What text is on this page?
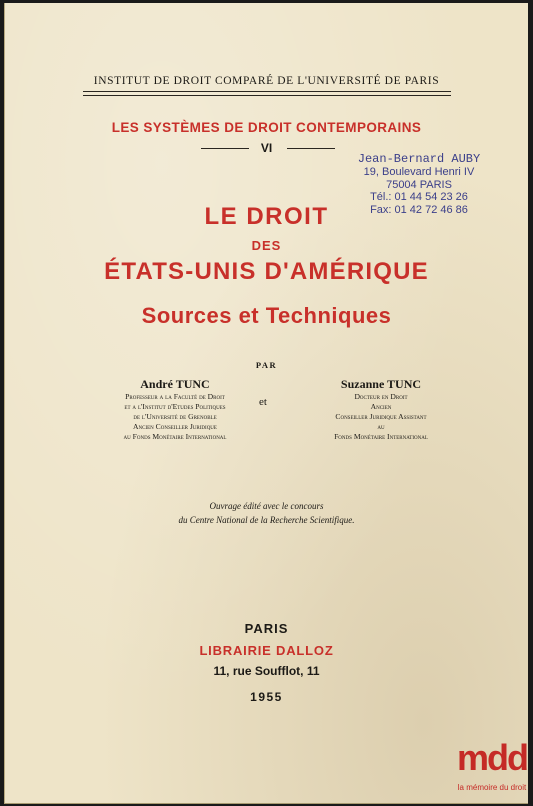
INSTITUT DE DROIT COMPARÉ DE L'UNIVERSITÉ DE PARIS
LES SYSTÈMES DE DROIT CONTEMPORAINS
VI
Jean-Bernard AUBY
19, Boulevard Henri IV
75004 PARIS
Tél.: 01 44 54 23 26
Fax: 01 42 72 46 86
LE DROIT
DES
ÉTATS-UNIS D'AMÉRIQUE
Sources et Techniques
PAR
André TUNC
Professeur a la Faculté de Droit
et a l'Institut d'Etudes Politiques
de l'Université de Grenoble
Ancien Conseiller Juridique
au Fonds Monétaire International
et
Suzanne TUNC
Docteur en Droit
Ancien
Conseiller Juridique Assistant
au
Fonds Monétaire International
Ouvrage édité avec le concours
du Centre National de la Recherche Scientifique.
PARIS
LIBRAIRIE DALLOZ
11, rue Soufflot, 11
1955
mdd
la mémoire du droit
